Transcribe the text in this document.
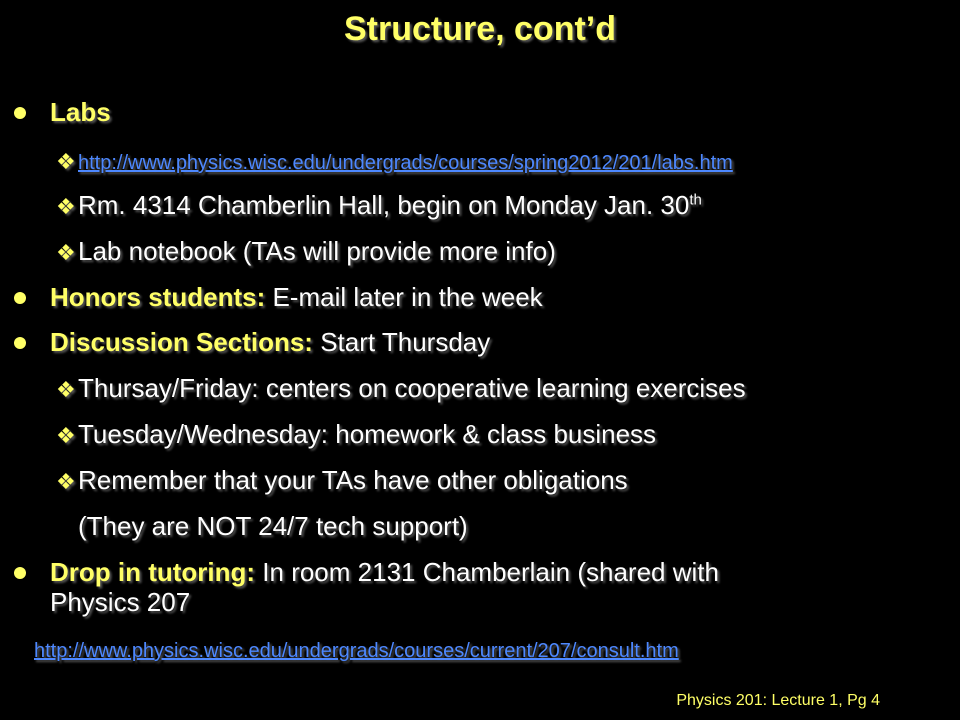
Structure, cont’d
Labs
❖ http://www.physics.wisc.edu/undergrads/courses/spring2012/201/labs.htm
❖Rm. 4314 Chamberlin Hall, begin on Monday Jan. 30th
❖Lab notebook (TAs will provide more info)
Honors students: E-mail later in the week
Discussion Sections: Start Thursday
❖Thursay/Friday: centers on cooperative learning exercises
❖Tuesday/Wednesday: homework & class business
❖Remember that your TAs have other obligations
(They are NOT 24/7 tech support)
Drop in tutoring: In room 2131 Chamberlain (shared with
Physics 207
http://www.physics.wisc.edu/undergrads/courses/current/207/consult.htm
Physics 201: Lecture 1, Pg 4
